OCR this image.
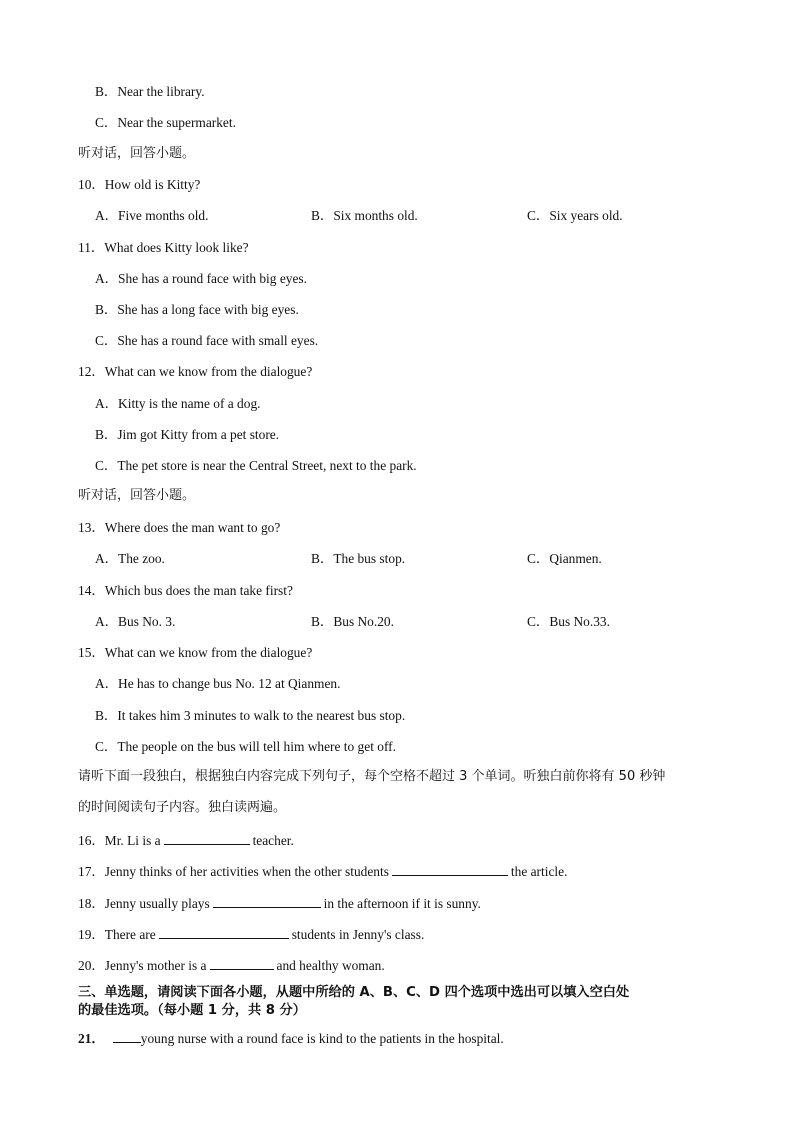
B．Near the library.
C．Near the supermarket.
听对话，回答小题。
10．How old is Kitty?
A．Five months old.	B．Six months old.	C．Six years old.
11．What does Kitty look like?
A．She has a round face with big eyes.
B．She has a long face with big eyes.
C．She has a round face with small eyes.
12．What can we know from the dialogue?
A．Kitty is the name of a dog.
B．Jim got Kitty from a pet store.
C．The pet store is near the Central Street, next to the park.
听对话，回答小题。
13．Where does the man want to go?
A．The zoo.	B．The bus stop.	C．Qianmen.
14．Which bus does the man take first?
A．Bus No. 3.	B．Bus No.20.	C．Bus No.33.
15．What can we know from the dialogue?
A．He has to change bus No. 12 at Qianmen.
B．It takes him 3 minutes to walk to the nearest bus stop.
C．The people on the bus will tell him where to get off.
请听下面一段独白，根据独白内容完成下列句子，每个空格不超过 3 个单词。听独白前你将有 50 秒钟
的时间阅读句子内容。独白读两遍。
16．Mr. Li is a	teacher.
17．Jenny thinks of her activities when the other students	the article.
18．Jenny usually plays	in the afternoon if it is sunny.
19．There are	students in Jenny's class.
20．Jenny's mother is a	and healthy woman.
三、单选题，请阅读下面各小题，从题中所给的 A、B、C、D 四个选项中选出可以填入空白处
的最佳选项。（每小题 1 分，共 8 分）
21．	young nurse with a round face is kind to the patients in the hospital.
